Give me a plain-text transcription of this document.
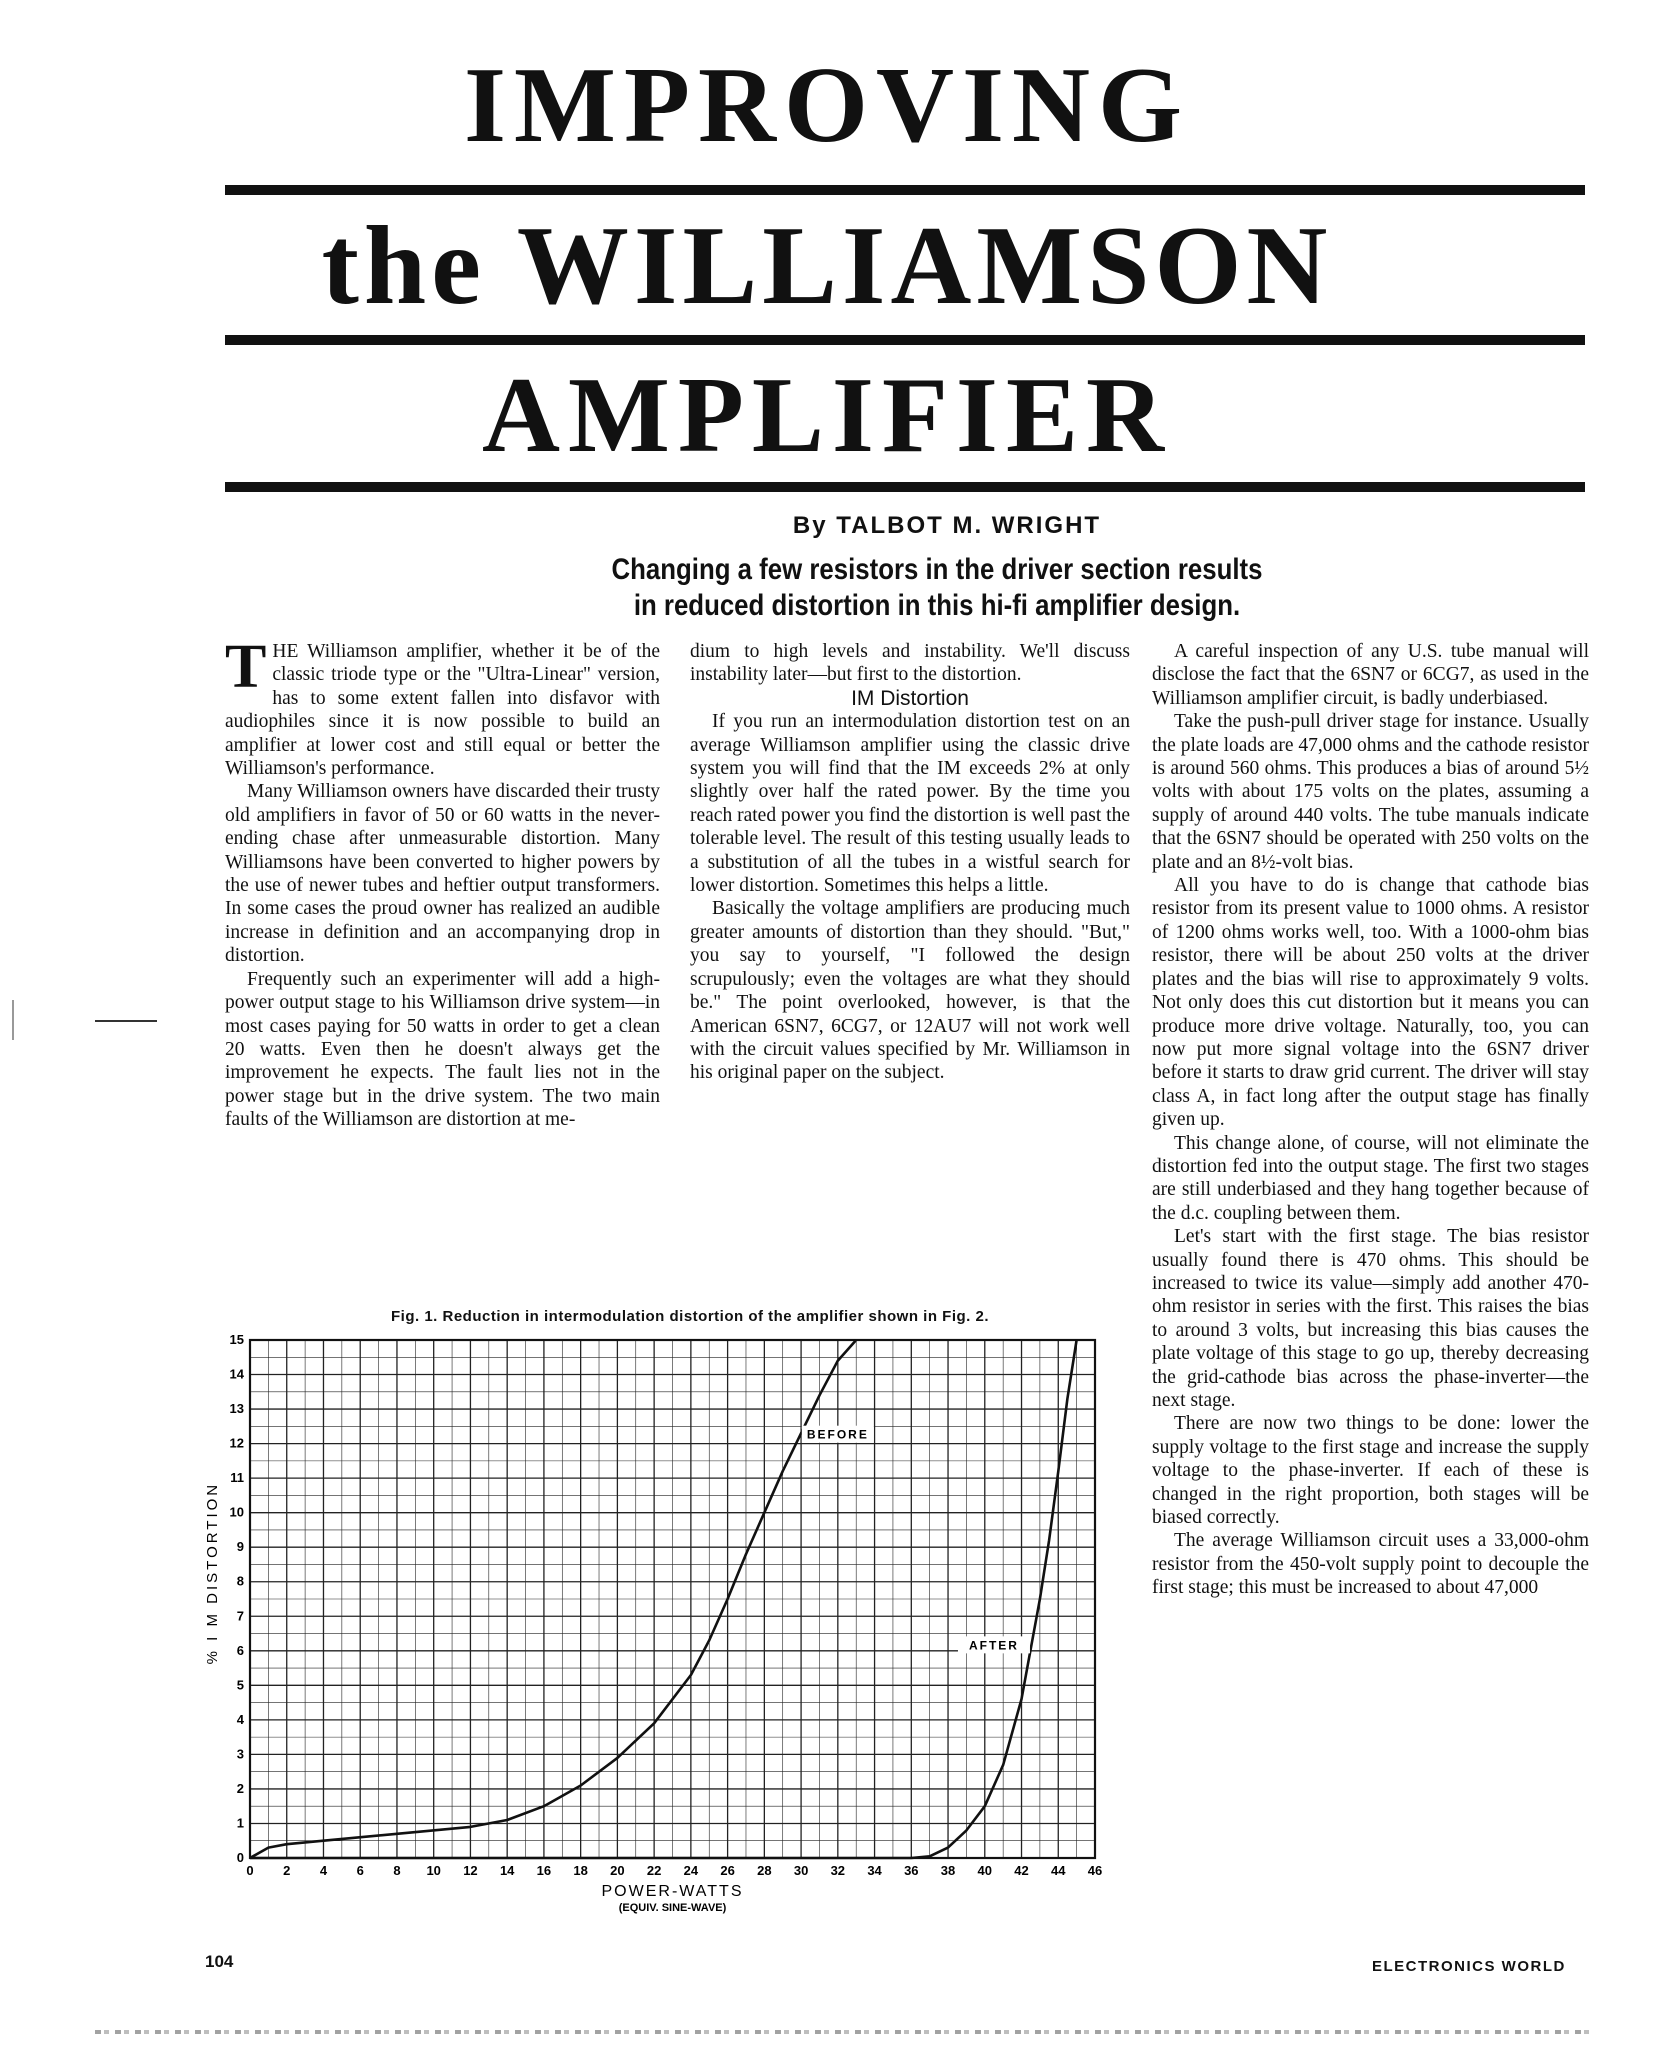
IMPROVING
the WILLIAMSON
AMPLIFIER
By TALBOT M. WRIGHT
Changing a few resistors in the driver section results
in reduced distortion in this hi-fi amplifier design.

THE Williamson amplifier, whether it be of the classic triode type or the "Ultra-Linear" version, has to some extent fallen into disfavor with audiophiles since it is now possible to build an amplifier at lower cost and still equal or better the Williamson's performance.

Many Williamson owners have discarded their trusty old amplifiers in favor of 50 or 60 watts in the never-ending chase after unmeasurable distortion. Many Williamsons have been converted to higher powers by the use of newer tubes and heftier output transformers. In some cases the proud owner has realized an audible increase in definition and an accompanying drop in distortion.

Frequently such an experimenter will add a high-power output stage to his Williamson drive system—in most cases paying for 50 watts in order to get a clean 20 watts. Even then he doesn't always get the improvement he expects. The fault lies not in the power stage but in the drive system. The two main faults of the Williamson are distortion at me-

dium to high levels and instability. We'll discuss instability later—but first to the distortion.

IM Distortion

If you run an intermodulation distortion test on an average Williamson amplifier using the classic drive system you will find that the IM exceeds 2% at only slightly over half the rated power. By the time you reach rated power you find the distortion is well past the tolerable level. The result of this testing usually leads to a substitution of all the tubes in a wistful search for lower distortion. Sometimes this helps a little.

Basically the voltage amplifiers are producing much greater amounts of distortion than they should. "But," you say to yourself, "I followed the design scrupulously; even the voltages are what they should be." The point overlooked, however, is that the American 6SN7, 6CG7, or 12AU7 will not work well with the circuit values specified by Mr. Williamson in his original paper on the subject.

A careful inspection of any U.S. tube manual will disclose the fact that the 6SN7 or 6CG7, as used in the Williamson amplifier circuit, is badly underbiased.

Take the push-pull driver stage for instance. Usually the plate loads are 47,000 ohms and the cathode resistor is around 560 ohms. This produces a bias of around 5½ volts with about 175 volts on the plates, assuming a supply of around 440 volts. The tube manuals indicate that the 6SN7 should be operated with 250 volts on the plate and an 8½-volt bias.

All you have to do is change that cathode bias resistor from its present value to 1000 ohms. A resistor of 1200 ohms works well, too. With a 1000-ohm bias resistor, there will be about 250 volts at the driver plates and the bias will rise to approximately 9 volts. Not only does this cut distortion but it means you can produce more drive voltage. Naturally, too, you can now put more signal voltage into the 6SN7 driver before it starts to draw grid current. The driver will stay class A, in fact long after the output stage has finally given up.

This change alone, of course, will not eliminate the distortion fed into the output stage. The first two stages are still underbiased and they hang together because of the d.c. coupling between them.

Let's start with the first stage. The bias resistor usually found there is 470 ohms. This should be increased to twice its value—simply add another 470-ohm resistor in series with the first. This raises the bias to around 3 volts, but increasing this bias causes the plate voltage of this stage to go up, thereby decreasing the grid-cathode bias across the phase-inverter—the next stage.

There are now two things to be done: lower the supply voltage to the first stage and increase the supply voltage to the phase-inverter. If each of these is changed in the right proportion, both stages will be biased correctly.

The average Williamson circuit uses a 33,000-ohm resistor from the 450-volt supply point to decouple the first stage; this must be increased to about 47,000

Fig. 1. Reduction in intermodulation distortion of the amplifier shown in Fig. 2.
0 2 4 6 8 10 12 14 16 18 20 22 24 26 28 30 32 34 36 38 40 42 44 46
0
1
2
3
4
5
6
7
8
9
10
11
12
13
14
15
POWER-WATTS
(EQUIV. SINE-WAVE)
% I M DISTORTION
BEFORE
AFTER
104	ELECTRONICS WORLD
